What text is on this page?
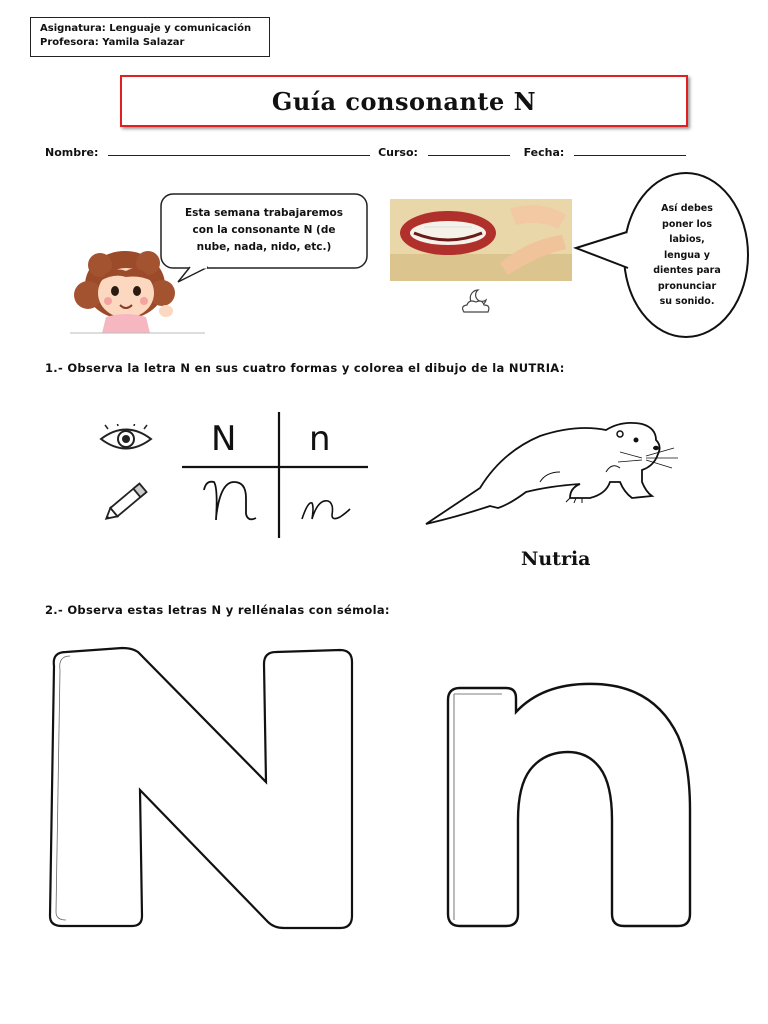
Asignatura: Lenguaje y comunicación
Profesora: Yamila Salazar
Guía consonante N
Nombre:	Curso:	Fecha:
Esta semana trabajaremos
con la consonante N (de
nube, nada, nido, etc.)
Así debes
poner los
labios,
lengua y
dientes para
pronunciar
su sonido.
1.- Observa la letra N en sus cuatro formas y colorea el dibujo de la NUTRIA:
N n
Nutria
2.- Observa estas letras N y rellénalas con sémola:
